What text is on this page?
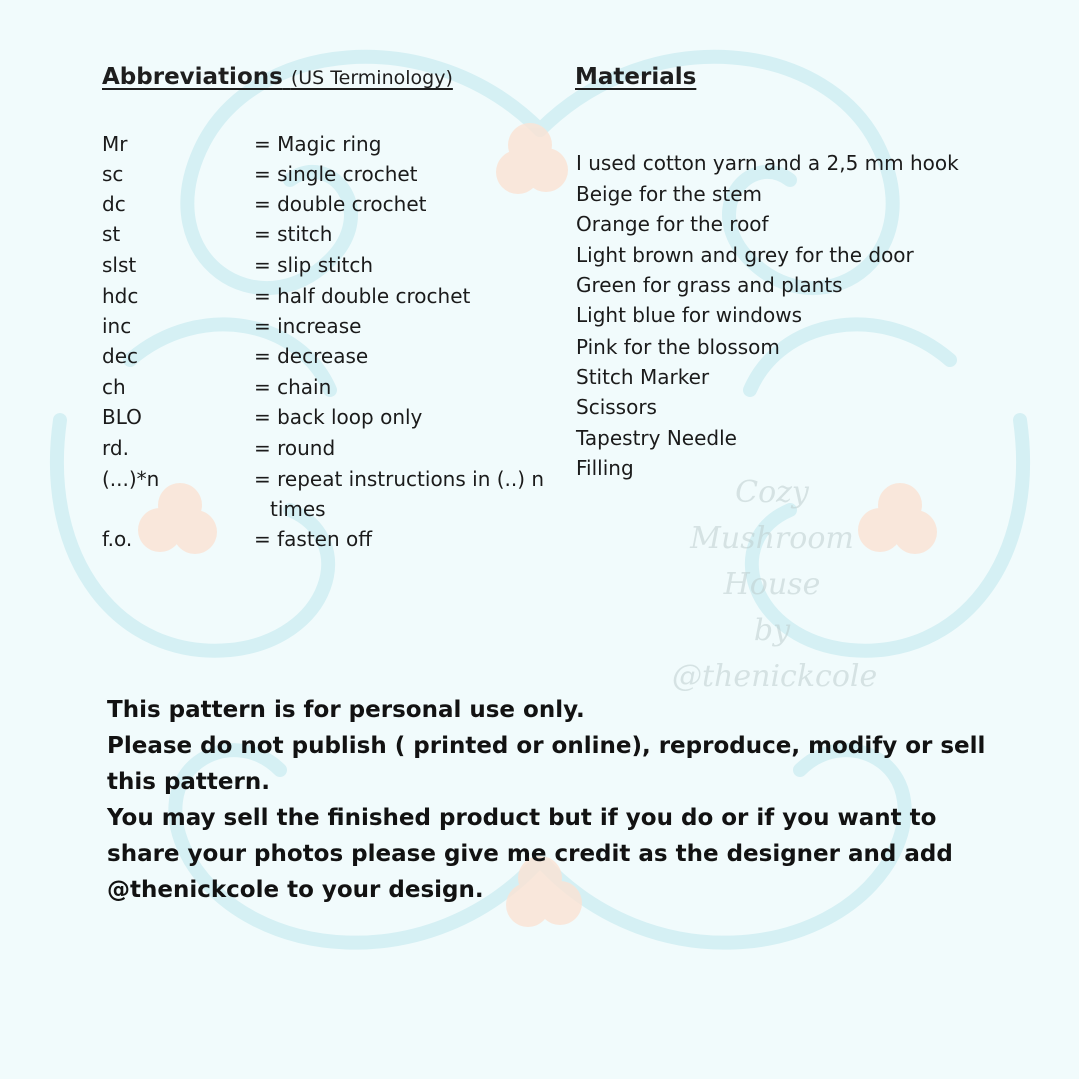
Cozy
Mushroom
House
by
@thenickcole
Abbreviations (US Terminology)	Materials
Mr	= Magic ring
sc	= single crochet
dc	= double crochet
st	= stitch
slst	= slip stitch
hdc	= half double crochet
inc	= increase
dec	= decrease
ch	= chain
BLO	= back loop only
rd.	= round
(...)*n	= repeat instructions in (..) n
times
f.o.	= fasten off
I used cotton yarn and a 2,5 mm hook
Beige for the stem
Orange for the roof
Light brown and grey for the door
Green for grass and plants
Light blue for windows
Pink for the blossom
Stitch Marker
Scissors
Tapestry Needle
Filling
This pattern is for personal use only.
Please do not publish ( printed or online), reproduce, modify or sell
this pattern.
You may sell the finished product but if you do or if you want to
share your photos please give me credit as the designer and add
@thenickcole to your design.
